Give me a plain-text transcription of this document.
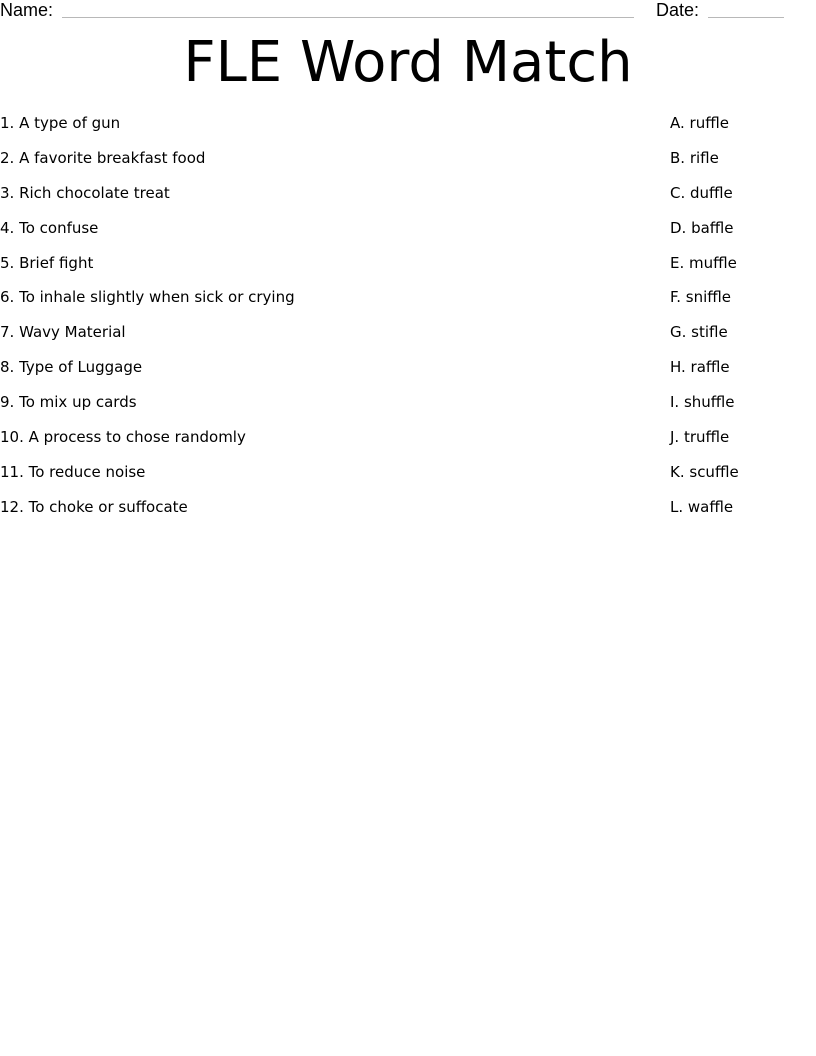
Name:	Date:
FLE Word Match
1. A type of gun
2. A favorite breakfast food
3. Rich chocolate treat
4. To confuse
5. Brief fight
6. To inhale slightly when sick or crying
7. Wavy Material
8. Type of Luggage
9. To mix up cards
10. A process to chose randomly
11. To reduce noise
12. To choke or suffocate
A. ruffle
B. rifle
C. duffle
D. baffle
E. muffle
F. sniffle
G. stifle
H. raffle
I. shuffle
J. truffle
K. scuffle
L. waffle
